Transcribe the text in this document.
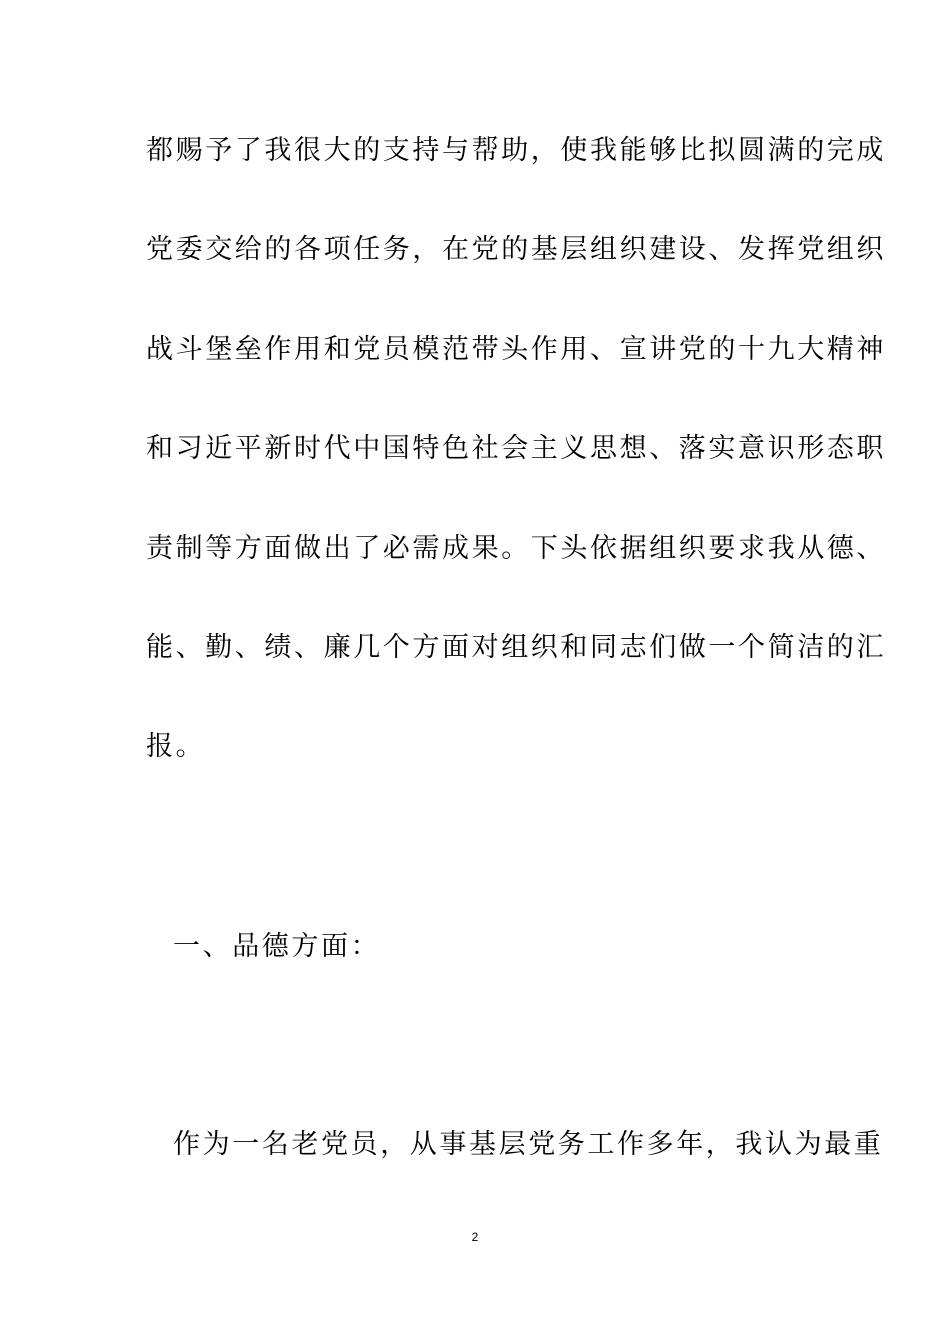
都赐予了我很大的支持与帮助，使我能够比拟圆满的完成
党委交给的各项任务，在党的基层组织建设、发挥党组织
战斗堡垒作用和党员模范带头作用、宣讲党的十九大精神
和习近平新时代中国特色社会主义思想、落实意识形态职
责制等方面做出了必需成果。下头依据组织要求我从德、
能、勤、绩、廉几个方面对组织和同志们做一个简洁的汇
报。
一、品德方面：
作为一名老党员，从事基层党务工作多年，我认为最重
2
